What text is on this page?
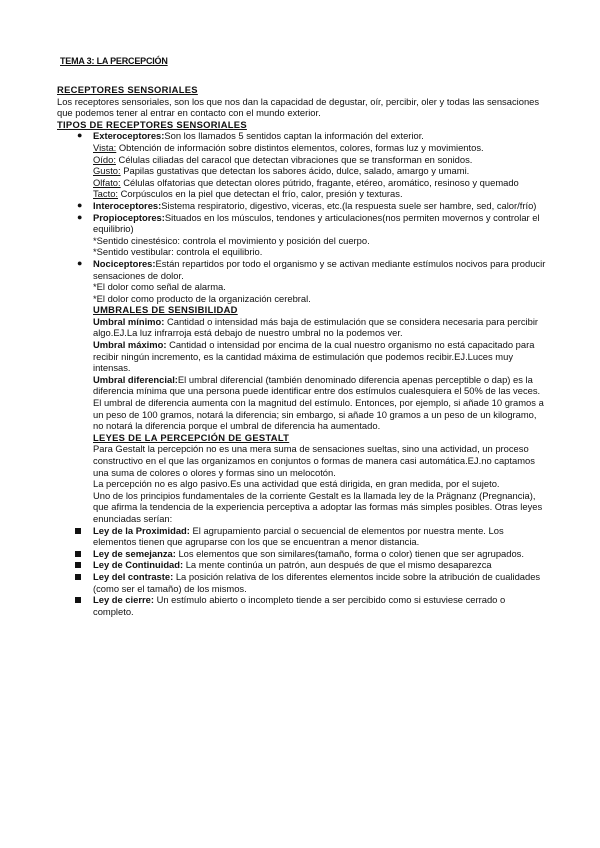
TEMA 3: LA PERCEPCIÓN
RECEPTORES SENSORIALES

Los receptores sensoriales, son los que nos dan la capacidad de degustar, oír, percibir, oler y todas las sensaciones que podemos tener al entrar en contacto con el mundo exterior.

TIPOS DE RECEPTORES SENSORIALES
● Exteroceptores:Son los llamados 5 sentidos captan la información del exterior.
Vista: Obtención de información sobre distintos elementos, colores, formas luz y movimientos.
Oído: Células ciliadas del caracol que detectan vibraciones que se transforman en sonidos.
Gusto: Papilas gustativas que detectan los sabores ácido, dulce, salado, amargo y umami.
Olfato: Células olfatorias que detectan olores pútrido, fragante, etéreo, aromático, resinoso y quemado
Tacto: Corpúsculos en la piel que detectan el frío, calor, presión y texturas.
● Interoceptores:Sistema respiratorio, digestivo, viceras, etc.(la respuesta suele ser hambre, sed, calor/frío)
● Propioceptores:Situados en los músculos, tendones y articulaciones(nos permiten movernos y controlar el equilibrio)
*Sentido cinestésico: controla el movimiento y posición del cuerpo.
*Sentido vestibular: controla el equilibrio.
● Nociceptores:Están repartidos por todo el organismo y se activan mediante estímulos nocivos para producir sensaciones de dolor.
*El dolor como señal de alarma.
*El dolor como producto de la organización cerebral.
UMBRALES DE SENSIBILIDAD

Umbral mínimo: Cantidad o intensidad más baja de estimulación que se considera necesaria para percibir algo.EJ.La luz infrarroja está debajo de nuestro umbral no la podemos ver.

Umbral máximo: Cantidad o intensidad por encima de la cual nuestro organismo no está capacitado para recibir ningún incremento, es la cantidad máxima de estimulación que podemos recibir.EJ.Luces muy intensas.

Umbral diferencial:El umbral diferencial (también denominado diferencia apenas perceptible o dap) es la diferencia mínima que una persona puede identificar entre dos estímulos cualesquiera el 50% de las veces. El umbral de diferencia aumenta con la magnitud del estímulo. Entonces, por ejemplo, si añade 10 gramos a un peso de 100 gramos, notará la diferencia; sin embargo, si añade 10 gramos a un peso de un kilogramo, no notará la diferencia porque el umbral de diferencia ha aumentado.

LEYES DE LA PERCEPCIÓN DE GESTALT

Para Gestalt la percepción no es una mera suma de sensaciones sueltas, sino una actividad, un proceso constructivo en el que las organizamos en conjuntos o formas de manera casi automática.EJ.no captamos una suma de colores o olores y formas sino un melocotón.

La percepción no es algo pasivo.Es una actividad que está dirigida, en gran medida, por el sujeto.

Uno de los principios fundamentales de la corriente Gestalt es la llamada ley de la Prägnanz (Pregnancia), que afirma la tendencia de la experiencia perceptiva a adoptar las formas más simples posibles. Otras leyes enunciadas serían:

Ley de la Proximidad: El agrupamiento parcial o secuencial de elementos por nuestra mente. Los elementos tienen que agruparse con los que se encuentran a menor distancia.
Ley de semejanza: Los elementos que son similares(tamaño, forma o color) tienen que ser agrupados.
Ley de Continuidad: La mente continúa un patrón, aun después de que el mismo desaparezca
Ley del contraste: La posición relativa de los diferentes elementos incide sobre la atribución de cualidades (como ser el tamaño) de los mismos.
Ley de cierre: Un estímulo abierto o incompleto tiende a ser percibido como si estuviese cerrado o completo.
